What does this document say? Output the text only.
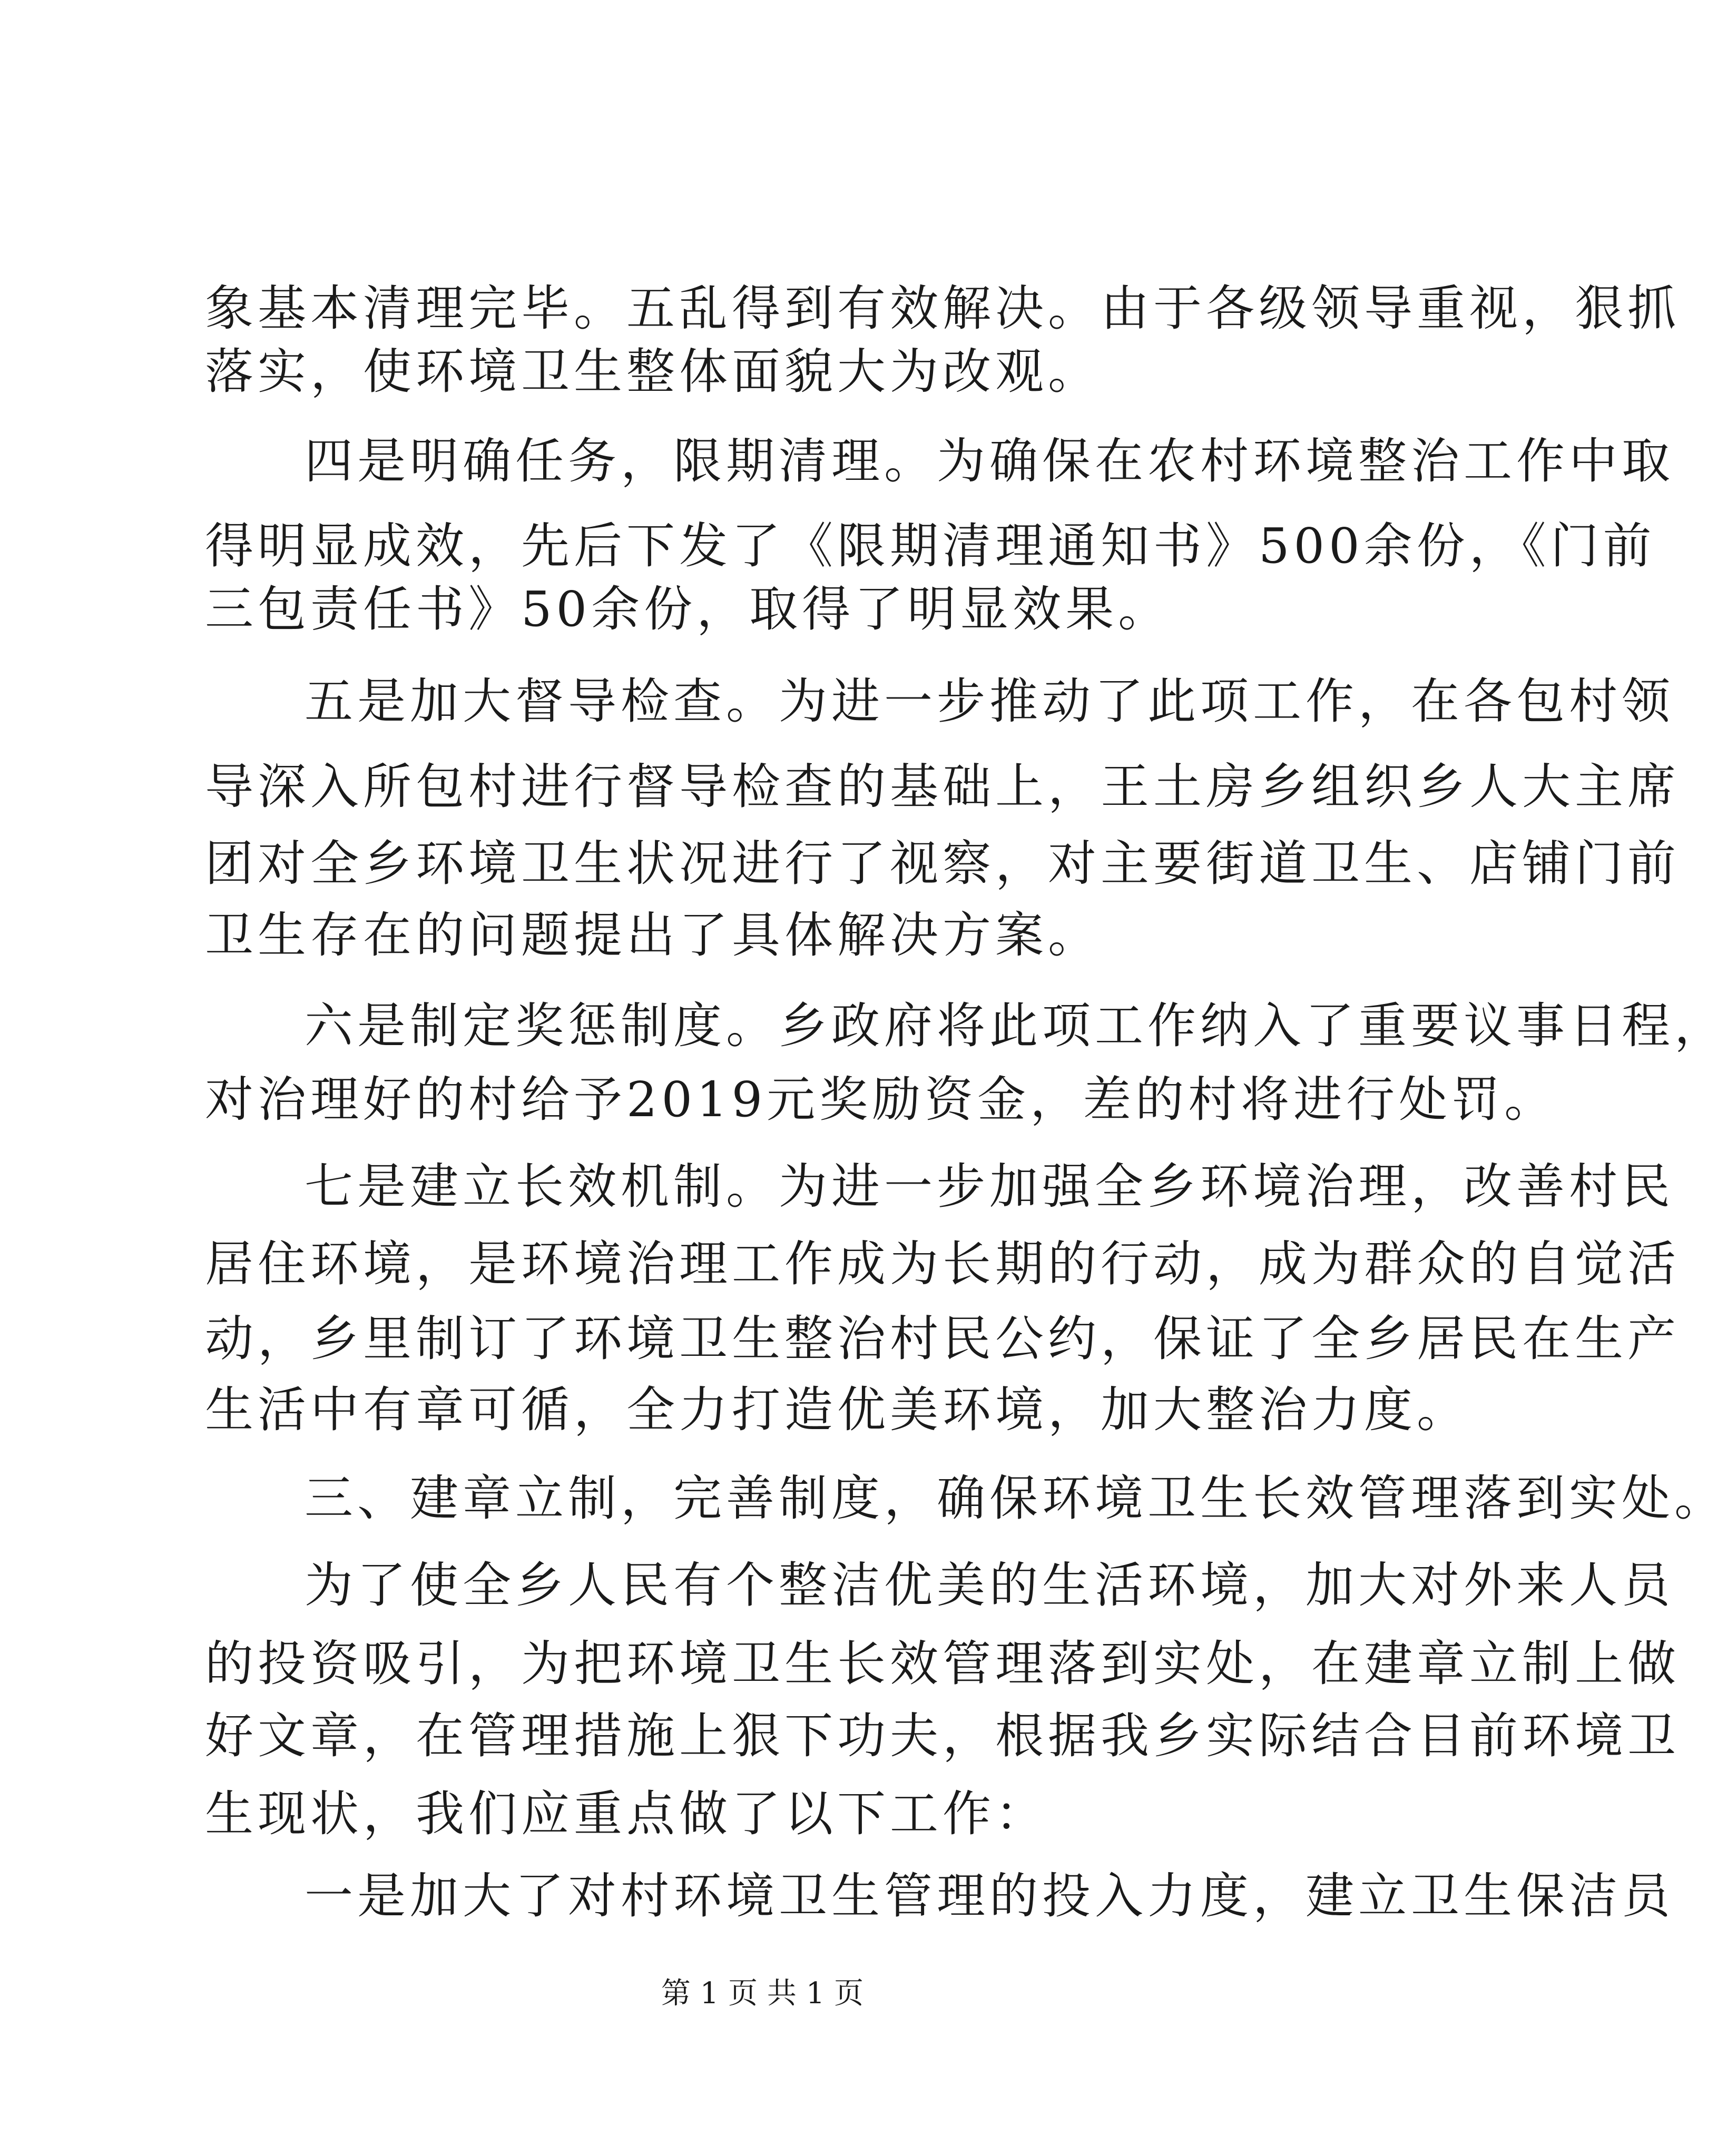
象基本清理完毕。五乱得到有效解决。由于各级领导重视，狠抓
落实，使环境卫生整体面貌大为改观。
四是明确任务，限期清理。为确保在农村环境整治工作中取
得明显成效，先后下发了《限期清理通知书》500余份，《门前
三包责任书》50余份，取得了明显效果。
五是加大督导检查。为进一步推动了此项工作，在各包村领
导深入所包村进行督导检查的基础上，王土房乡组织乡人大主席
团对全乡环境卫生状况进行了视察，对主要街道卫生、店铺门前
卫生存在的问题提出了具体解决方案。
六是制定奖惩制度。乡政府将此项工作纳入了重要议事日程，
对治理好的村给予2019元奖励资金，差的村将进行处罚。
七是建立长效机制。为进一步加强全乡环境治理，改善村民
居住环境，是环境治理工作成为长期的行动，成为群众的自觉活
动，乡里制订了环境卫生整治村民公约，保证了全乡居民在生产
生活中有章可循，全力打造优美环境，加大整治力度。
三、建章立制，完善制度，确保环境卫生长效管理落到实处。
为了使全乡人民有个整洁优美的生活环境，加大对外来人员
的投资吸引，为把环境卫生长效管理落到实处，在建章立制上做
好文章，在管理措施上狠下功夫，根据我乡实际结合目前环境卫
生现状，我们应重点做了以下工作：
一是加大了对村环境卫生管理的投入力度，建立卫生保洁员
第 1 页 共 1 页
